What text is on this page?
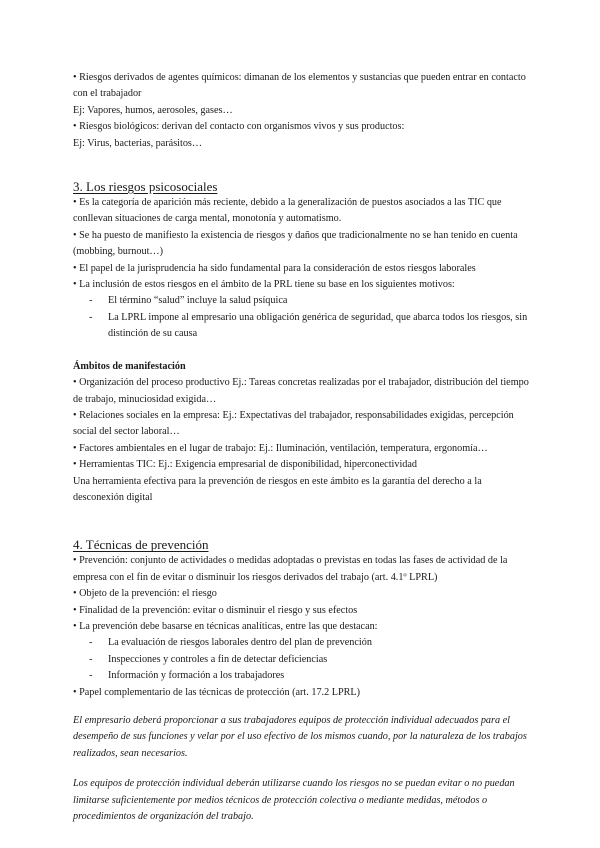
• Riesgos derivados de agentes químicos: dimanan de los elementos y sustancias que pueden entrar en contacto con el trabajador

Ej: Vapores, humos, aerosoles, gases…

• Riesgos biológicos: derivan del contacto con organismos vivos y sus productos:

Ej: Virus, bacterias, parásitos…

3. Los riesgos psicosociales

• Es la categoría de aparición más reciente, debido a la generalización de puestos asociados a las TIC que conllevan situaciones de carga mental, monotonía y automatismo.

• Se ha puesto de manifiesto la existencia de riesgos y daños que tradicionalmente no se han tenido en cuenta (mobbing, burnout…)

• El papel de la jurisprudencia ha sido fundamental para la consideración de estos riesgos laborales

• La inclusión de estos riesgos en el ámbito de la PRL tiene su base en los siguientes motivos:

- El término “salud” incluye la salud psíquica
- La LPRL impone al empresario una obligación genérica de seguridad, que abarca todos los riesgos, sin distinción de su causa

Ámbitos de manifestación

• Organización del proceso productivo Ej.: Tareas concretas realizadas por el trabajador, distribución del tiempo de trabajo, minuciosidad exigida…

• Relaciones sociales en la empresa: Ej.: Expectativas del trabajador, responsabilidades exigidas, percepción social del sector laboral…

• Factores ambientales en el lugar de trabajo: Ej.: Iluminación, ventilación, temperatura, ergonomía…

• Herramientas TIC: Ej.: Exigencia empresarial de disponibilidad, hiperconectividad

Una herramienta efectiva para la prevención de riesgos en este ámbito es la garantía del derecho a la desconexión digital

4. Técnicas de prevención

• Prevención: conjunto de actividades o medidas adoptadas o previstas en todas las fases de actividad de la empresa con el fin de evitar o disminuir los riesgos derivados del trabajo (art. 4.1º LPRL)

• Objeto de la prevención: el riesgo

• Finalidad de la prevención: evitar o disminuir el riesgo y sus efectos

• La prevención debe basarse en técnicas analíticas, entre las que destacan:

- La evaluación de riesgos laborales dentro del plan de prevención
- Inspecciones y controles a fin de detectar deficiencias
- Información y formación a los trabajadores

• Papel complementario de las técnicas de protección (art. 17.2 LPRL)

El empresario deberá proporcionar a sus trabajadores equipos de protección individual adecuados para el desempeño de sus funciones y velar por el uso efectivo de los mismos cuando, por la naturaleza de los trabajos realizados, sean necesarios.

Los equipos de protección individual deberán utilizarse cuando los riesgos no se puedan evitar o no puedan limitarse suficientemente por medios técnicos de protección colectiva o mediante medidas, métodos o procedimientos de organización del trabajo.
